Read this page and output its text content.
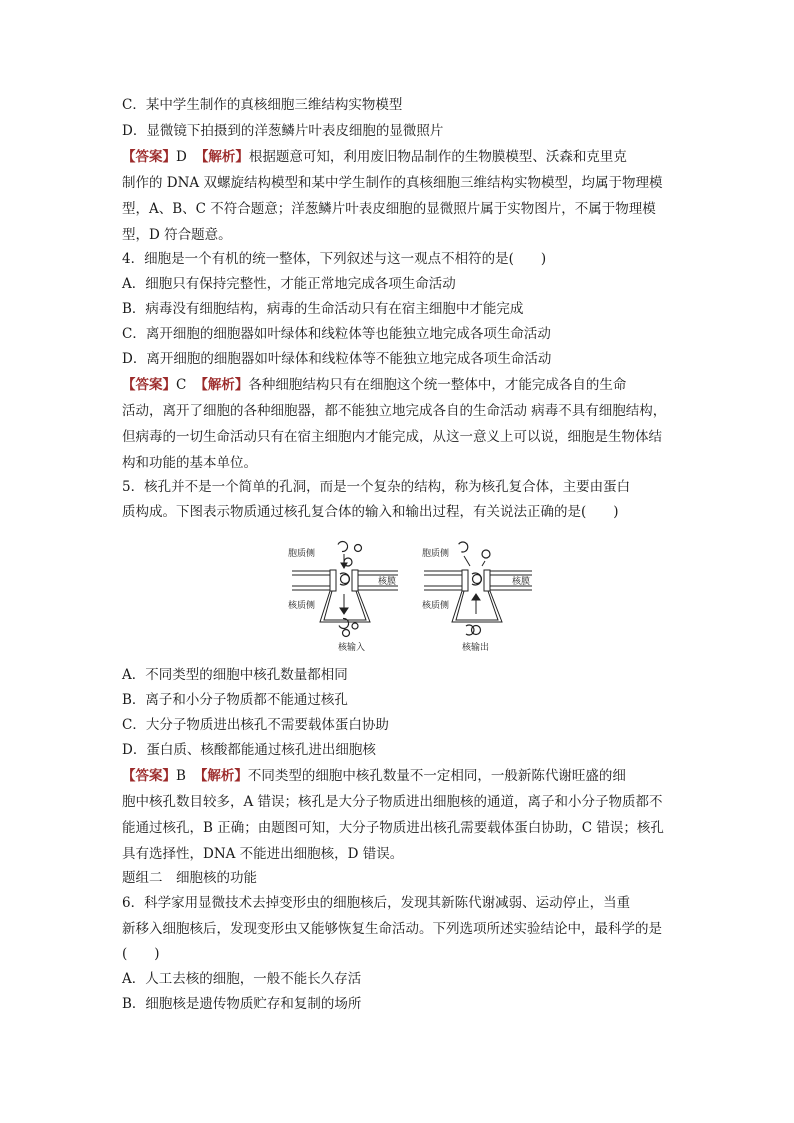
C．某中学生制作的真核细胞三维结构实物模型
D．显微镜下拍摄到的洋葱鳞片叶表皮细胞的显微照片
【答案】D 【解析】根据题意可知，利用废旧物品制作的生物膜模型、沃森和克里克
制作的 DNA 双螺旋结构模型和某中学生制作的真核细胞三维结构实物模型，均属于物理模
型，A、B、C 不符合题意；洋葱鳞片叶表皮细胞的显微照片属于实物图片，不属于物理模
型，D 符合题意。
4．细胞是一个有机的统一整体，下列叙述与这一观点不相符的是(　　)
A．细胞只有保持完整性，才能正常地完成各项生命活动
B．病毒没有细胞结构，病毒的生命活动只有在宿主细胞中才能完成
C．离开细胞的细胞器如叶绿体和线粒体等也能独立地完成各项生命活动
D．离开细胞的细胞器如叶绿体和线粒体等不能独立地完成各项生命活动
【答案】C 【解析】各种细胞结构只有在细胞这个统一整体中，才能完成各自的生命
活动，离开了细胞的各种细胞器，都不能独立地完成各自的生命活动 病毒不具有细胞结构，
但病毒的一切生命活动只有在宿主细胞内才能完成，从这一意义上可以说，细胞是生物体结
构和功能的基本单位。
5．核孔并不是一个简单的孔洞，而是一个复杂的结构，称为核孔复合体，主要由蛋白
质构成。下图表示物质通过核孔复合体的输入和输出过程，有关说法正确的是(　　)
胞质侧
核质侧
核膜
核输入
胞质侧
核质侧
核膜
核输出
A．不同类型的细胞中核孔数量都相同
B．离子和小分子物质都不能通过核孔
C．大分子物质进出核孔不需要载体蛋白协助
D．蛋白质、核酸都能通过核孔进出细胞核
【答案】B 【解析】不同类型的细胞中核孔数量不一定相同，一般新陈代谢旺盛的细
胞中核孔数目较多，A 错误；核孔是大分子物质进出细胞核的通道，离子和小分子物质都不
能通过核孔，B 正确；由题图可知，大分子物质进出核孔需要载体蛋白协助，C 错误；核孔
具有选择性，DNA 不能进出细胞核，D 错误。
题组二　细胞核的功能
6．科学家用显微技术去掉变形虫的细胞核后，发现其新陈代谢减弱、运动停止，当重
新移入细胞核后，发现变形虫又能够恢复生命活动。下列选项所述实验结论中，最科学的是
(　　)
A．人工去核的细胞，一般不能长久存活
B．细胞核是遗传物质贮存和复制的场所
